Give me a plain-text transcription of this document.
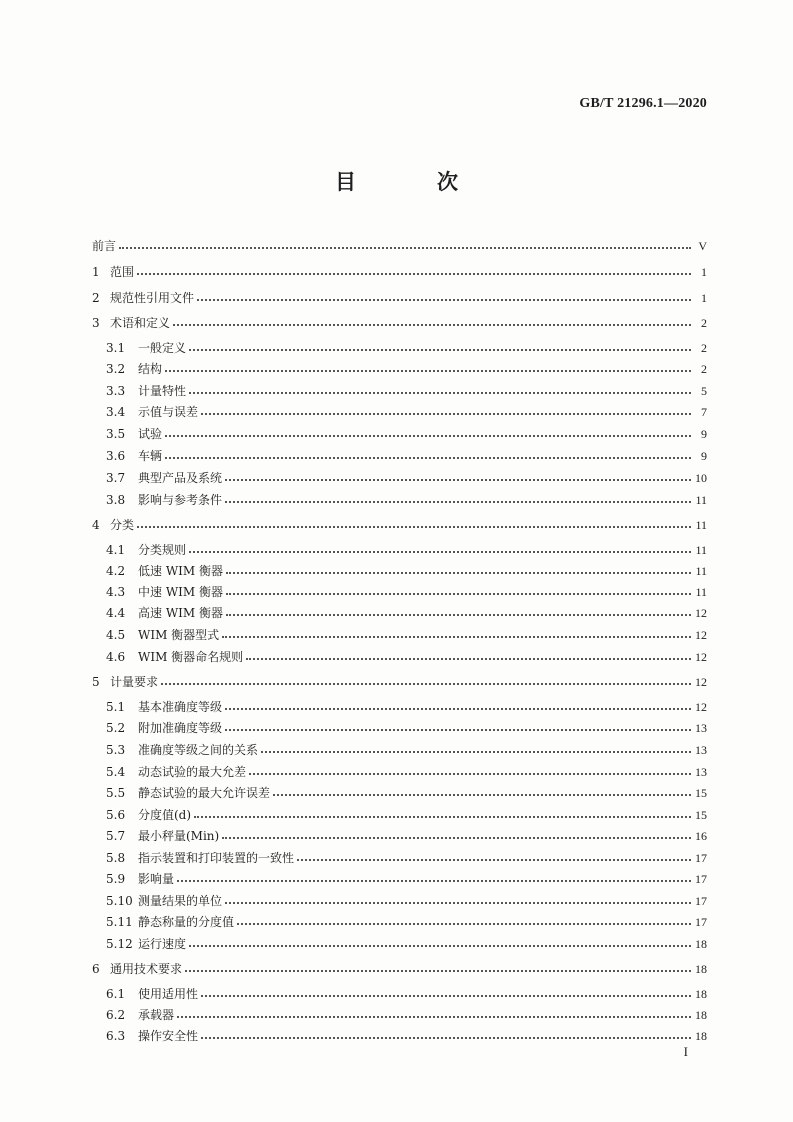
GB/T 21296.1—2020
目　次
前言	V
1 范围	1
2 规范性引用文件	1
3 术语和定义	2
3.1	一般定义	2
3.2	结构	2
3.3	计量特性	5
3.4	示值与误差	7
3.5	试验	9
3.6	车辆	9
3.7	典型产品及系统	10
3.8	影响与参考条件	11
4 分类	11
4.1	分类规则	11
4.2	低速 WIM 衡器	11
4.3	中速 WIM 衡器	11
4.4	高速 WIM 衡器	12
4.5	WIM 衡器型式	12
4.6	WIM 衡器命名规则	12
5 计量要求	12
5.1	基本准确度等级	12
5.2	附加准确度等级	13
5.3	准确度等级之间的关系	13
5.4	动态试验的最大允差	13
5.5	静态试验的最大允许误差	15
5.6	分度值(d)	15
5.7	最小秤量(Min)	16
5.8	指示装置和打印装置的一致性	17
5.9	影响量	17
5.10 测量结果的单位	17
5.11 静态称量的分度值	17
5.12 运行速度	18
6 通用技术要求	18
6.1	使用适用性	18
6.2	承载器	18
6.3	操作安全性	18
I
